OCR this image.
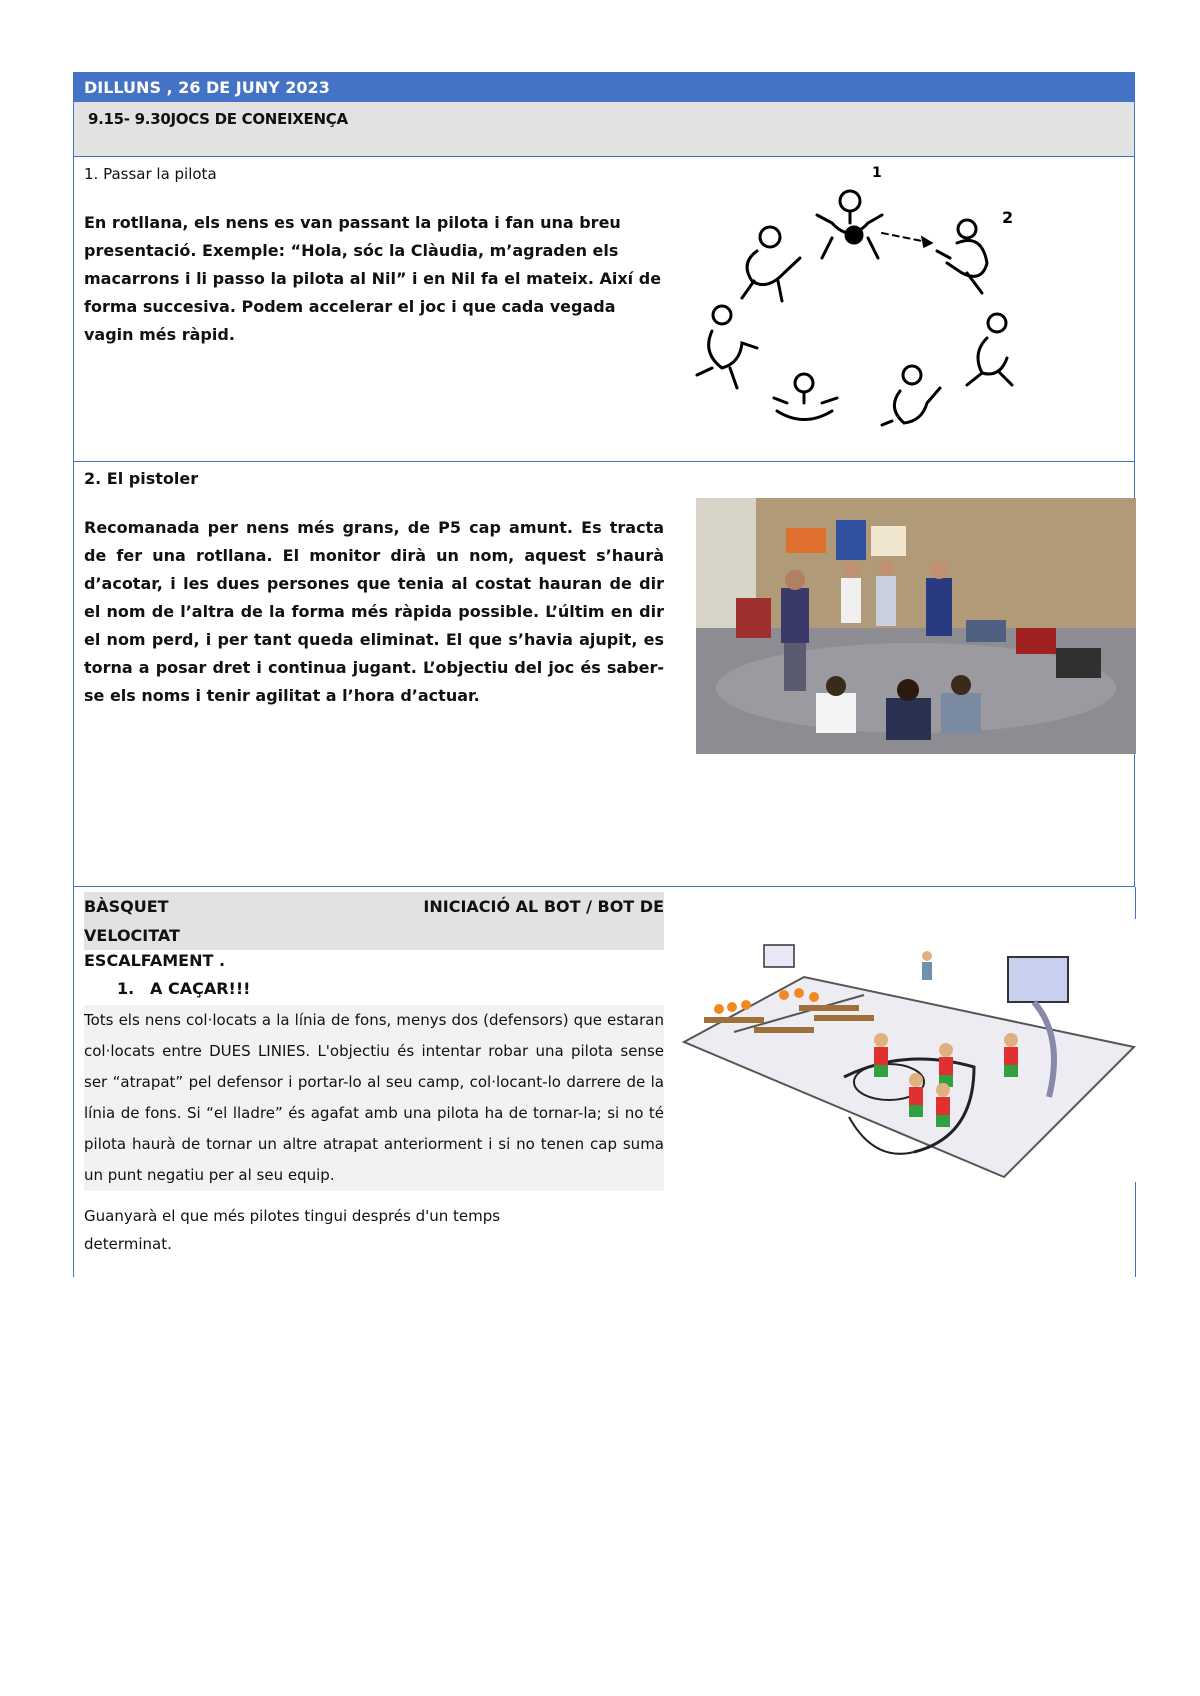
DILLUNS , 26 DE JUNY 2023
9.15- 9.30JOCS DE CONEIXENÇA
1. Passar la pilota
En rotllana, els nens es van passant la pilota i fan una breu presentació. Exemple: “Hola, sóc la Clàudia, m’agraden els macarrons i li passo la pilota al Nil” i en Nil fa el mateix. Així de forma succesiva. Podem accelerar el joc i que cada vegada vagin més ràpid.
1
2
2. El pistoler
Recomanada per nens més grans, de P5 cap amunt. Es tracta de fer una rotllana. El monitor dirà un nom, aquest s’haurà d’acotar, i les dues persones que tenia al costat hauran de dir el nom de l’altra de la forma més ràpida possible. L’últim en dir el nom perd, i per tant queda eliminat. El que s’havia ajupit, es torna a posar dret i continua jugant. L’objectiu del joc és saber-se els noms i tenir agilitat a l’hora d’actuar.
BÀSQUET	INICIACIÓ AL BOT / BOT DE
VELOCITAT
ESCALFAMENT .
1. A CAÇAR!!!
Tots els nens col·locats a la línia de fons, menys dos (defensors) que estaran col·locats entre DUES LINIES. L'objectiu és intentar robar una pilota sense ser “atrapat” pel defensor i portar-lo al seu camp, col·locant-lo darrere de la línia de fons. Si “el lladre” és agafat amb una pilota ha de tornar-la; si no té pilota haurà de tornar un altre atrapat anteriorment i si no tenen cap suma un punt negatiu per al seu equip.
Guanyarà el que més pilotes tingui després d'un temps
determinat.
